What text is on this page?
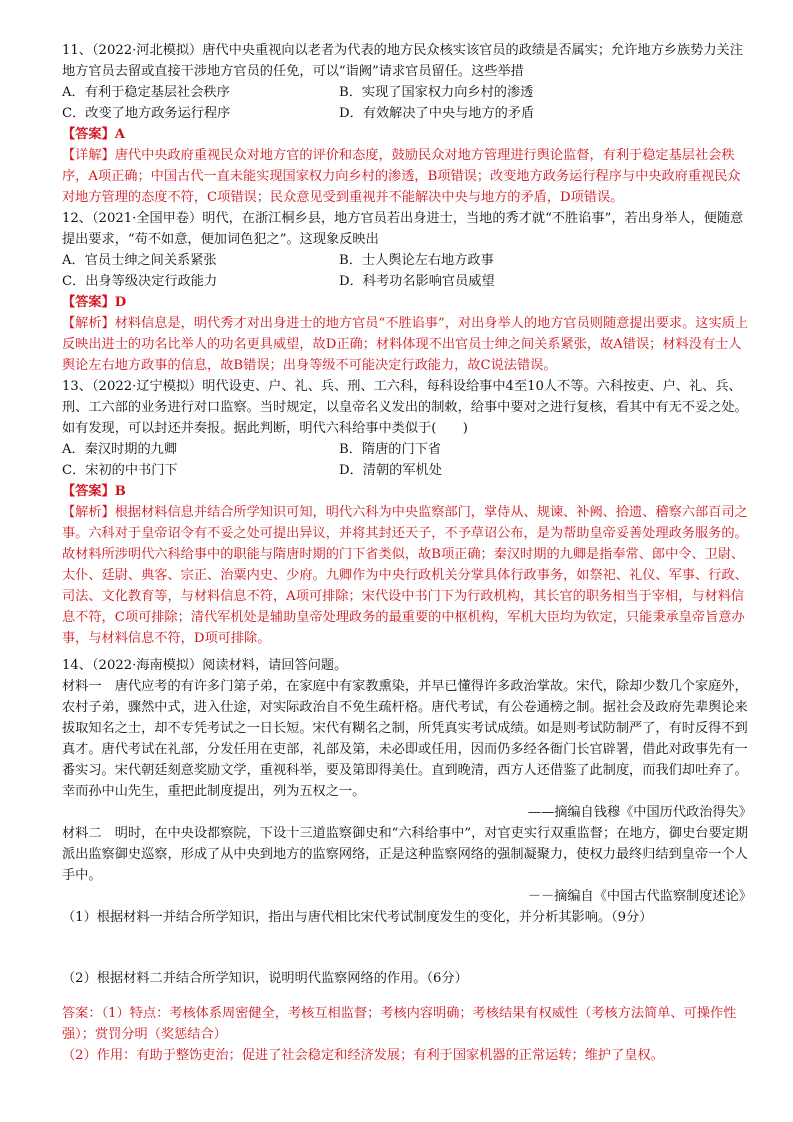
11、（2022·河北模拟）唐代中央重视向以老者为代表的地方民众核实该官员的政绩是否属实；允许地方乡族势力关注地方官员去留或直接干涉地方官员的任免，可以“诣阙”请求官员留任。这些举措

A．有利于稳定基层社会秩序	B．实现了国家权力向乡村的渗透
C．改变了地方政务运行程序	D．有效解决了中央与地方的矛盾

【答案】A

【详解】唐代中央政府重视民众对地方官的评价和态度，鼓励民众对地方管理进行舆论监督，有利于稳定基层社会秩序，A项正确；中国古代一直未能实现国家权力向乡村的渗透，B项错误；改变地方政务运行程序与中央政府重视民众对地方管理的态度不符，C项错误；民众意见受到重视并不能解决中央与地方的矛盾，D项错误。

12、（2021·全国甲卷）明代，在浙江桐乡县，地方官员若出身进士，当地的秀才就“不胜谄事”，若出身举人，便随意提出要求，“苟不如意，便加词色犯之”。这现象反映出

A．官员士绅之间关系紧张	B．士人舆论左右地方政事
C．出身等级决定行政能力	D．科考功名影响官员威望

【答案】D

【解析】材料信息是，明代秀才对出身进士的地方官员“不胜谄事”，对出身举人的地方官员则随意提出要求。这实质上反映出进士的功名比举人的功名更具威望，故D正确；材料体现不出官员士绅之间关系紧张，故A错误；材料没有士人舆论左右地方政事的信息，故B错误；出身等级不可能决定行政能力，故C说法错误。

13、（2022·辽宁模拟）明代设吏、户、礼、兵、刑、工六科，每科设给事中4至10人不等。六科按吏、户、礼、兵、刑、工六部的业务进行对口监察。当时规定，以皇帝名义发出的制敕，给事中要对之进行复核，看其中有无不妥之处。如有发现，可以封还并奏报。据此判断，明代六科给事中类似于(　　)

A．秦汉时期的九卿	B．隋唐的门下省
C．宋初的中书门下	D．清朝的军机处

【答案】B

【解析】根据材料信息并结合所学知识可知，明代六科为中央监察部门，掌侍从、规谏、补阙、拾遗、稽察六部百司之事。六科对于皇帝诏令有不妥之处可提出异议，并将其封还天子，不予草诏公布，是为帮助皇帝妥善处理政务服务的。故材料所涉明代六科给事中的职能与隋唐时期的门下省类似，故B项正确；秦汉时期的九卿是指奉常、郎中令、卫尉、太仆、廷尉、典客、宗正、治粟内史、少府。九卿作为中央行政机关分掌具体行政事务，如祭祀、礼仪、军事、行政、司法、文化教育等，与材料信息不符，A项可排除；宋代设中书门下为行政机构，其长官的职务相当于宰相，与材料信息不符，C项可排除；清代军机处是辅助皇帝处理政务的最重要的中枢机构，军机大臣均为钦定，只能秉承皇帝旨意办事，与材料信息不符，D项可排除。

14、（2022·海南模拟）阅读材料，请回答问题。

材料一　唐代应考的有许多门第子弟，在家庭中有家教熏染，并早已懂得许多政治掌故。宋代，除却少数几个家庭外，农村子弟，骤然中式，进入仕途，对实际政治自不免生疏杆格。唐代考试，有公卷通榜之制。据社会及政府先辈舆论来拔取知名之士，却不专凭考试之一日长短。宋代有糊名之制，所凭真实考试成绩。如是则考试防制严了，有时反得不到真才。唐代考试在礼部，分发任用在吏部，礼部及第，未必即或任用，因而仍多经各衙门长官辟署，借此对政事先有一番实习。宋代朝廷刻意奖励文学，重视科举，要及第即得美仕。直到晚清，西方人还借鉴了此制度，而我们却吐弃了。幸而孙中山先生，重把此制度提出，列为五权之一。

——摘编自钱穆《中国历代政治得失》

材料二　明时，在中央设都察院，下设十三道监察御史和“六科给事中”，对官吏实行双重监督；在地方，御史台要定期派出监察御史巡察，形成了从中央到地方的监察网络，正是这种监察网络的强制凝聚力，使权力最终归结到皇帝一个人手中。

－－摘编自《中国古代监察制度述论》

（1）根据材料一并结合所学知识，指出与唐代相比宋代考试制度发生的变化，并分析其影响。（9分）

（2）根据材料二并结合所学知识，说明明代监察网络的作用。（6分）

答案：（1）特点：考核体系周密健全，考核互相监督；考核内容明确；考核结果有权威性（考核方法简单、可操作性强）；赏罚分明（奖惩结合）

（2）作用：有助于整饬吏治；促进了社会稳定和经济发展；有利于国家机器的正常运转；维护了皇权。
